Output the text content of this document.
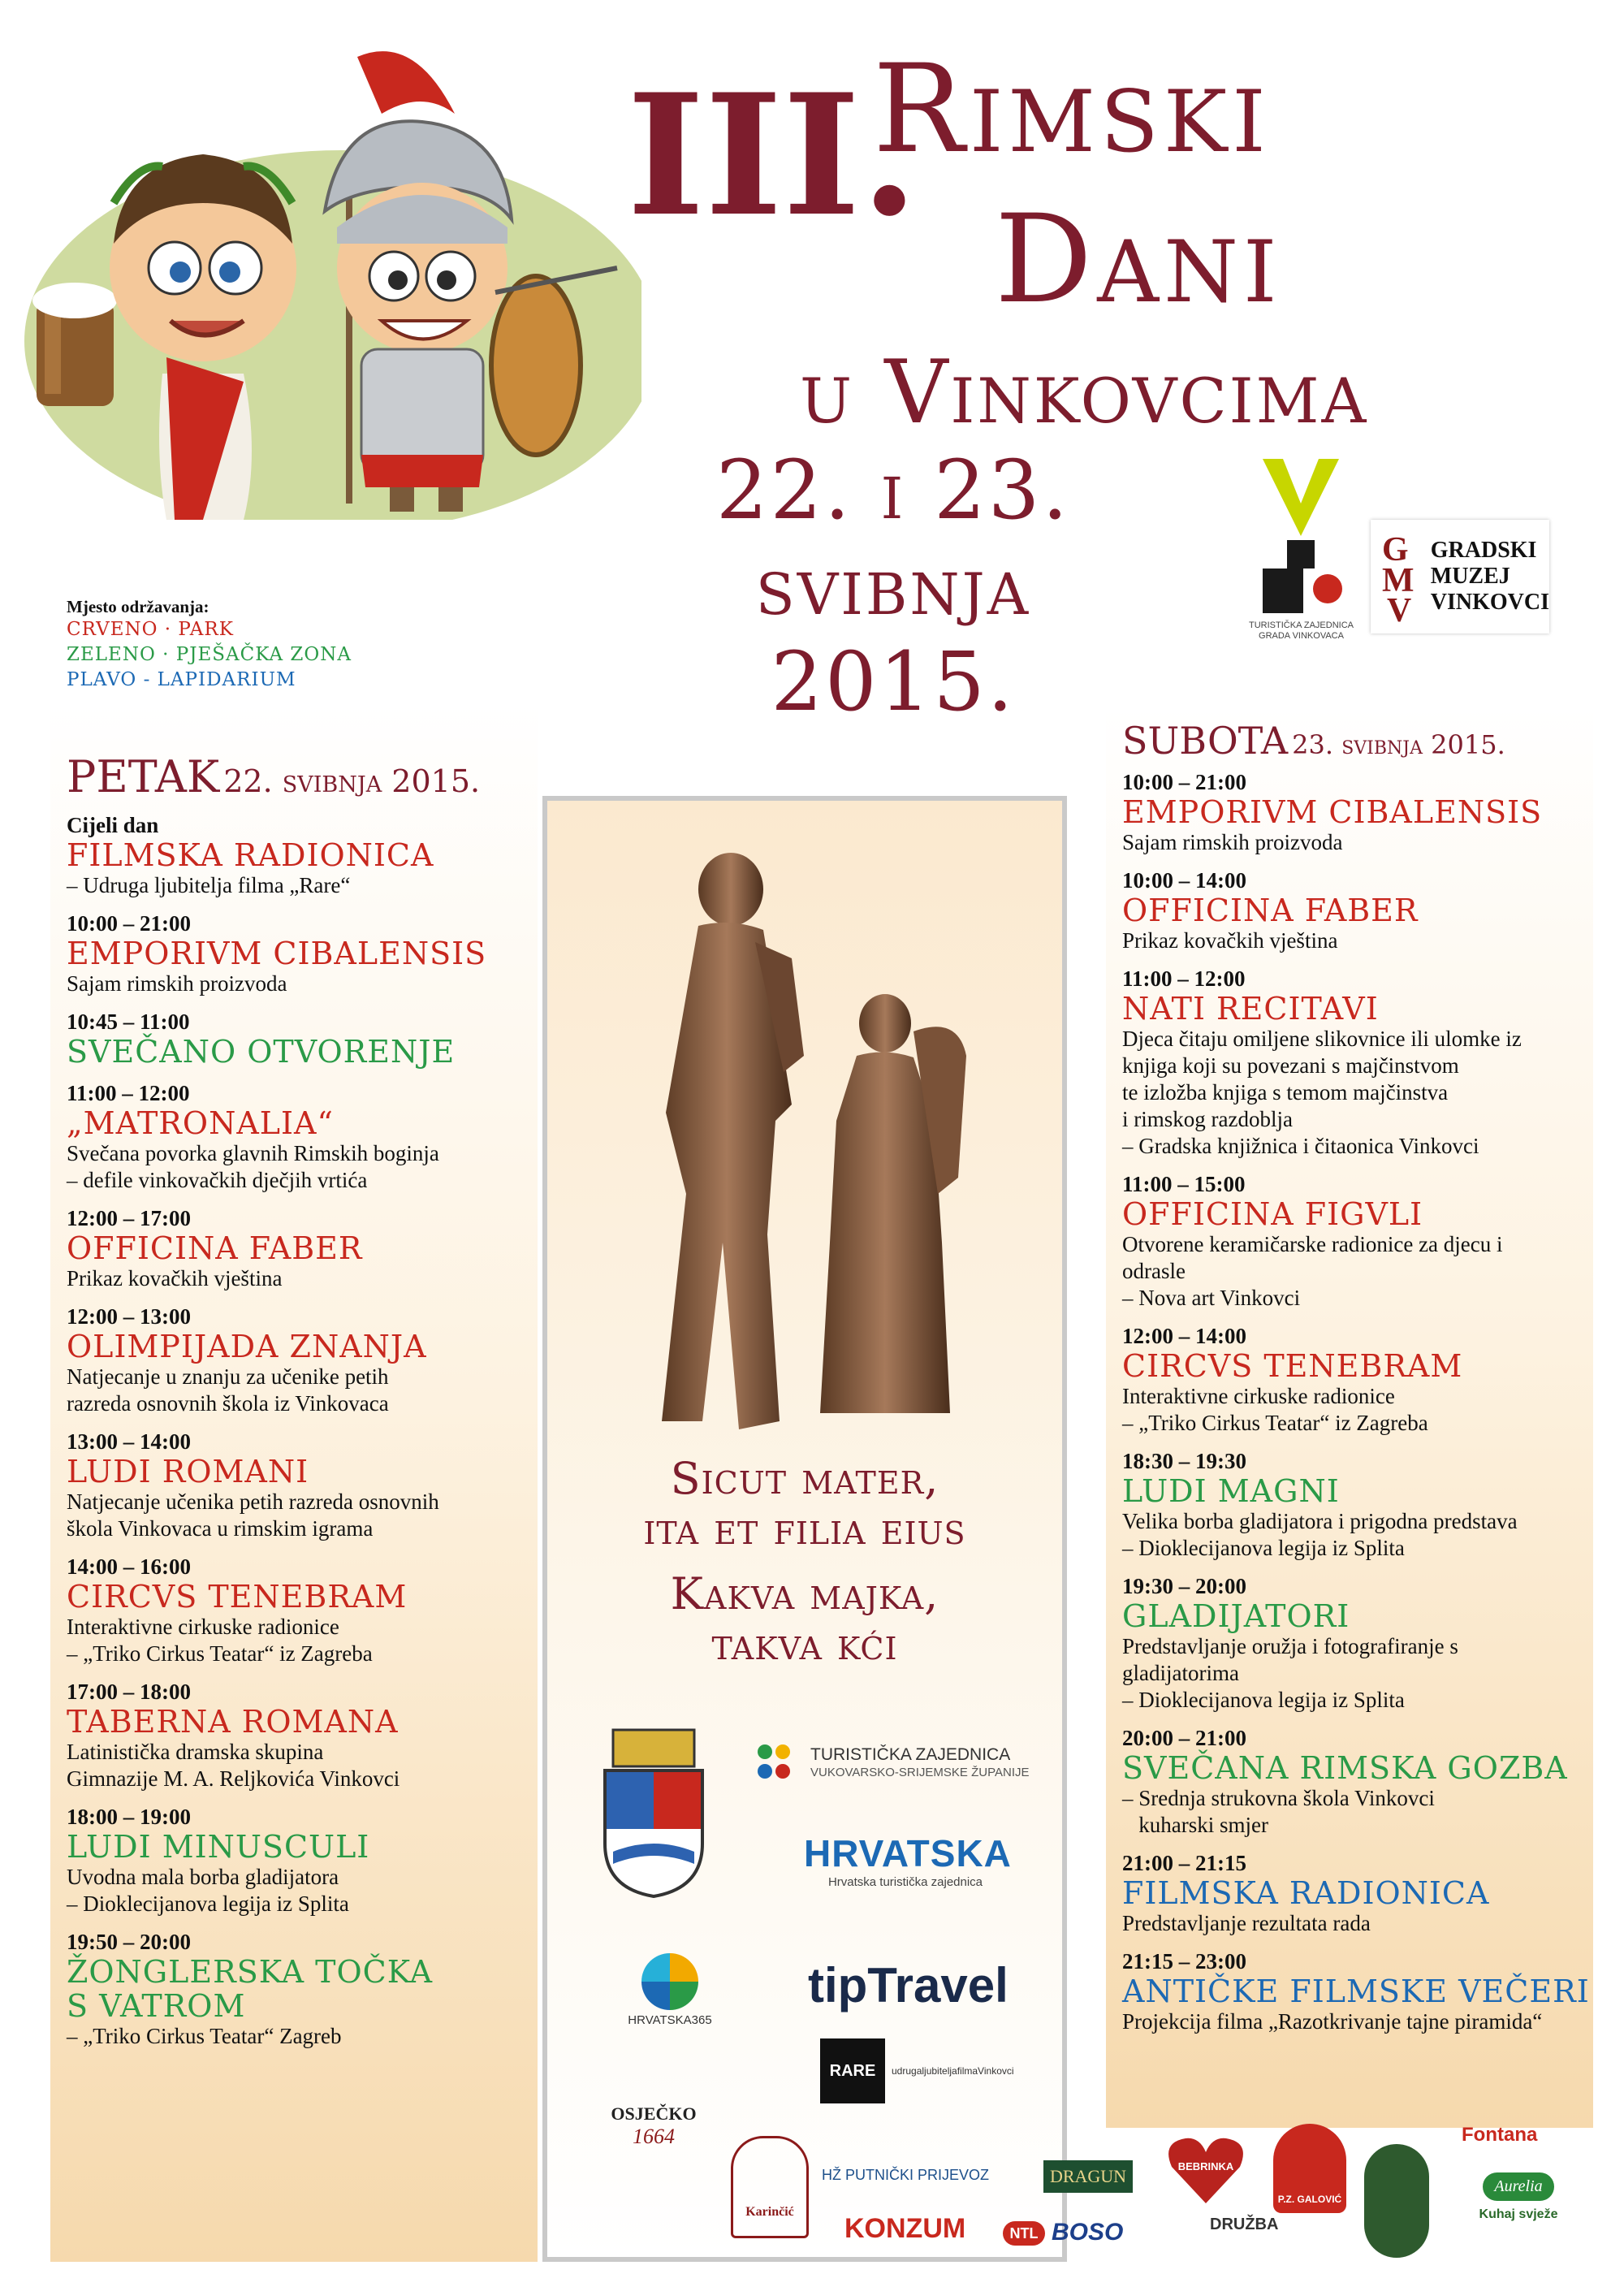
III.
Rimski
Dani
u Vinkovcima
22. i 23.
svibnja
2015.
TURISTIČKA ZAJEDNICA GRADA VINKOVACA
G
M
V
GRADSKI
MUZEJ
VINKOVCI
Mjesto održavanja:
CRVENO · PARK
ZELENO · PJEŠAČKA ZONA
PLAVO - LAPIDARIUM
PETAK 22. svibnja 2015.
Cijeli dan
FILMSKA RADIONICA
– Udruga ljubitelja filma „Rare“
10:00 – 21:00
EMPORIVM CIBALENSIS
Sajam rimskih proizvoda
10:45 – 11:00
SVEČANO OTVORENJE
11:00 – 12:00
„MATRONALIA“
Svečana povorka glavnih Rimskih boginja
– defile vinkovačkih dječjih vrtića
12:00 – 17:00
OFFICINA FABER
Prikaz kovačkih vještina
12:00 – 13:00
OLIMPIJADA ZNANJA
Natjecanje u znanju za učenike petih
razreda osnovnih škola iz Vinkovaca
13:00 – 14:00
LUDI ROMANI
Natjecanje učenika petih razreda osnovnih
škola Vinkovaca u rimskim igrama
14:00 – 16:00
CIRCVS TENEBRAM
Interaktivne cirkuske radionice
– „Triko Cirkus Teatar“ iz Zagreba
17:00 – 18:00
TABERNA ROMANA
Latinistička dramska skupina
Gimnazije M. A. Reljkovića Vinkovci
18:00 – 19:00
LUDI MINUSCULI
Uvodna mala borba gladijatora
– Dioklecijanova legija iz Splita
19:50 – 20:00
ŽONGLERSKA TOČKA
S VATROM
– „Triko Cirkus Teatar“ Zagreb
Sicut mater,
ita et filia eius
Kakva majka,
takva kći
TURISTIČKA ZAJEDNICA
VUKOVARSKO-SRIJEMSKE ŽUPANIJE
HRVATSKA
Hrvatska turistička zajednica
HRVATSKA365
tipTravel
RARE udrugaljubiteljafilmaVinkovci
SUBOTA 23. svibnja 2015.
10:00 – 21:00
EMPORIVM CIBALENSIS
Sajam rimskih proizvoda
10:00 – 14:00
OFFICINA FABER
Prikaz kovačkih vještina
11:00 – 12:00
NATI RECITAVI
Djeca čitaju omiljene slikovnice ili ulomke iz
knjiga koji su povezani s majčinstvom
te izložba knjiga s temom majčinstva
i rimskog razdoblja
– Gradska knjižnica i čitaonica Vinkovci
11:00 – 15:00
OFFICINA FIGVLI
Otvorene keramičarske radionice za djecu i
odrasle
– Nova art Vinkovci
12:00 – 14:00
CIRCVS TENEBRAM
Interaktivne cirkuske radionice
– „Triko Cirkus Teatar“ iz Zagreba
18:30 – 19:30
LUDI MAGNI
Velika borba gladijatora i prigodna predstava
– Dioklecijanova legija iz Splita
19:30 – 20:00
GLADIJATORI
Predstavljanje oružja i fotografiranje s
gladijatorima
– Dioklecijanova legija iz Splita
20:00 – 21:00
SVEČANA RIMSKA GOZBA
– Srednja strukovna škola Vinkovci
kuharski smjer
21:00 – 21:15
FILMSKA RADIONICA
Predstavljanje rezultata rada
21:15 – 23:00
ANTIČKE FILMSKE VEČERI
Projekcija filma „Razotkrivanje tajne piramida“
OSJEČKO
1664
Karinčić
HŽ PUTNIČKI PRIJEVOZ
KONZUM	NTL BOSO
DRAGUN	BEBRINKA
DRUŽBA
P.Z. GALOVIĆ
Fontana
Aurelia
Kuhaj svježe
